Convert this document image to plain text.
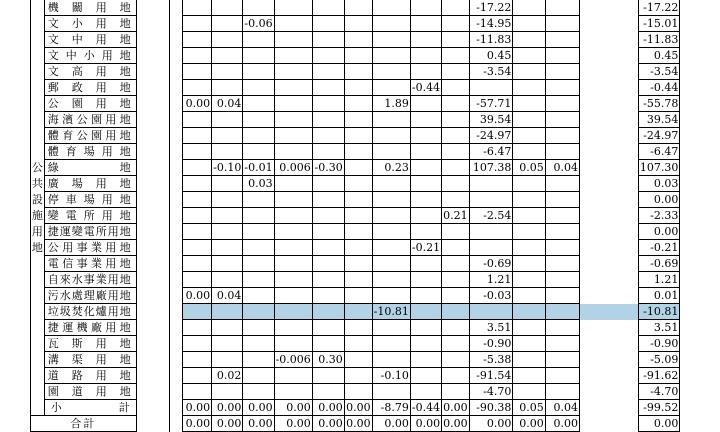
	機　關　用　地												-17.22				-17.22
	文　小　用　地					-0.06							-14.95				-15.01
	文　中　用　地												-11.83				-11.83
	文中小用地												0.45				0.45
	文　高　用　地												-3.54				-3.54
	郵　政　用　地										-0.44						-0.44
	公　園　用　地			0.00	0.04					1.89			-57.71				-55.78
	海濱公園用地												39.54				39.54
	體育公園用地												-24.97				-24.97
	體育場用地												-6.47				-6.47
公	綠　　　　地				-0.10	-0.01	0.006	-0.30		0.23			107.38	0.05	0.04		107.30
共	廣　場　用　地					0.03											0.03
設	停車場用地																0.00
施	變電所用地											0.21	-2.54				-2.33
用	捷運變電所用地																0.00
地	公用事業用地										-0.21						-0.21
	電信事業用地												-0.69				-0.69
	自來水事業用地												1.21				1.21
	污水處理廠用地			0.00	0.04								-0.03				0.01
	垃圾焚化爐用地									-10.81							-10.81
	捷運機廠用地												3.51				3.51
	瓦　斯　用　地												-0.90				-0.90
	溝　渠　用　地						-0.006	0.30					-5.38				-5.09
	道　路　用　地				0.02					-0.10			-91.54				-91.62
	園　道　用　地												-4.70				-4.70
	小　　　計			0.00	0.00	0.00	0.00	0.00	0.00	-8.79	-0.44	0.00	-90.38	0.05	0.04		-99.52
合計				0.00	0.00	0.00	0.00	0.00	0.00	0.00	0.00	0.00	0.00	0.00	0.00		0.00
